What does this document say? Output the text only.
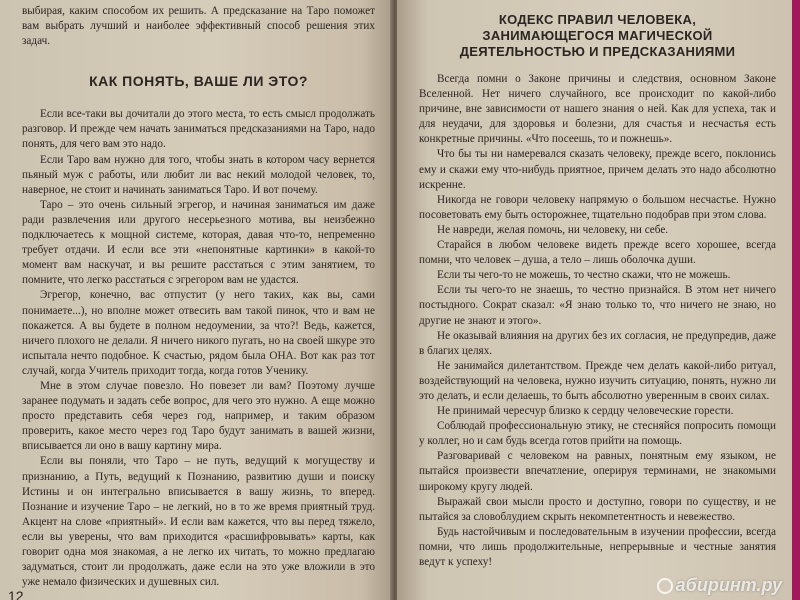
выбирая, каким способом их решить. А предсказание на Таро поможет вам выбрать лучший и наиболее эффективный способ решения этих задач.

КАК ПОНЯТЬ, ВАШЕ ЛИ ЭТО?

Если все-таки вы дочитали до этого места, то есть смысл продолжать разговор. И прежде чем начать заниматься предсказаниями на Таро, надо понять, для чего вам это надо.

Если Таро вам нужно для того, чтобы знать в котором часу вернется пьяный муж с работы, или любит ли вас некий молодой человек, то, наверное, не стоит и начинать заниматься Таро. И вот почему.

Таро – это очень сильный эгрегор, и начиная заниматься им даже ради развлечения или другого несерьезного мотива, вы неизбежно подключаетесь к мощной системе, которая, давая что-то, непременно требует отдачи. И если все эти «непонятные картинки» в какой-то момент вам наскучат, и вы решите расстаться с этим занятием, то помните, что легко расстаться с эгрегором вам не удастся.

Эгрегор, конечно, вас отпустит (у него таких, как вы, сами понимаете...), но вполне может отвесить вам такой пинок, что и вам не покажется. А вы будете в полном недоумении, за что?! Ведь, кажется, ничего плохого не делали. Я ничего никого пугать, но на своей шкуре это испытала нечто подобное. К счастью, рядом была ОНА. Вот как раз тот случай, когда Учитель приходит тогда, когда готов Ученику.

Мне в этом случае повезло. Но повезет ли вам? Поэтому лучше заранее подумать и задать себе вопрос, для чего это нужно. А еще можно просто представить себя через год, например, и таким образом проверить, какое место через год Таро будут занимать в вашей жизни, вписывается ли оно в вашу картину мира.

Если вы поняли, что Таро – не путь, ведущий к могуществу и признанию, а Путь, ведущий к Познанию, развитию души и поиску Истины и он интегрально вписывается в вашу жизнь, то вперед. Познание и изучение Таро – не легкий, но в то же время приятный труд. Акцент на слове «приятный». И если вам кажется, что вы перед тяжело, если вы уверены, что вам приходится «расшифровывать» карты, как говорит одна моя знакомая, а не легко их читать, то можно предлагаю задуматься, стоит ли продолжать, даже если на это уже вложили в это уже немало физических и душевных сил.

12
КОДЕКС ПРАВИЛ ЧЕЛОВЕКА,
ЗАНИМАЮЩЕГОСЯ МАГИЧЕСКОЙ
ДЕЯТЕЛЬНОСТЬЮ И ПРЕДСКАЗАНИЯМИ

Всегда помни о Законе причины и следствия, основном Законе Вселенной. Нет ничего случайного, все происходит по какой-либо причине, вне зависимости от нашего знания о ней. Как для успеха, так и для неудачи, для здоровья и болезни, для счастья и несчастья есть конкретные причины. «Что посеешь, то и пожнешь».

Что бы ты ни намеревался сказать человеку, прежде всего, поклонись ему и скажи ему что-нибудь приятное, причем делать это надо абсолютно искренне.

Никогда не говори человеку напрямую о большом несчастье. Нужно посоветовать ему быть осторожнее, тщательно подобрав при этом слова.

Не навреди, желая помочь, ни человеку, ни себе.

Старайся в любом человеке видеть прежде всего хорошее, всегда помни, что человек – душа, а тело – лишь оболочка души.

Если ты чего-то не можешь, то честно скажи, что не можешь.

Если ты чего-то не знаешь, то честно признайся. В этом нет ничего постыдного. Сократ сказал: «Я знаю только то, что ничего не знаю, но другие не знают и этого».

Не оказывай влияния на других без их согласия, не предупредив, даже в благих целях.

Не занимайся дилетантством. Прежде чем делать какой-либо ритуал, воздействующий на человека, нужно изучить ситуацию, понять, нужно ли это делать, и если делаешь, то быть абсолютно уверенным в своих силах.

Не принимай чересчур близко к сердцу человеческие горести.

Соблюдай профессиональную этику, не стесняйся попросить помощи у коллег, но и сам будь всегда готов прийти на помощь.

Разговаривай с человеком на равных, понятным ему языком, не пытайся произвести впечатление, оперируя терминами, не знакомыми широкому кругу людей.

Выражай свои мысли просто и доступно, говори по существу, и не пытайся за словоблудием скрыть некомпетентность и невежество.

Будь настойчивым и последовательным в изучении профессии, всегда помни, что лишь продолжительные, непрерывные и честные занятия ведут к успеху!

абиринт.ру
